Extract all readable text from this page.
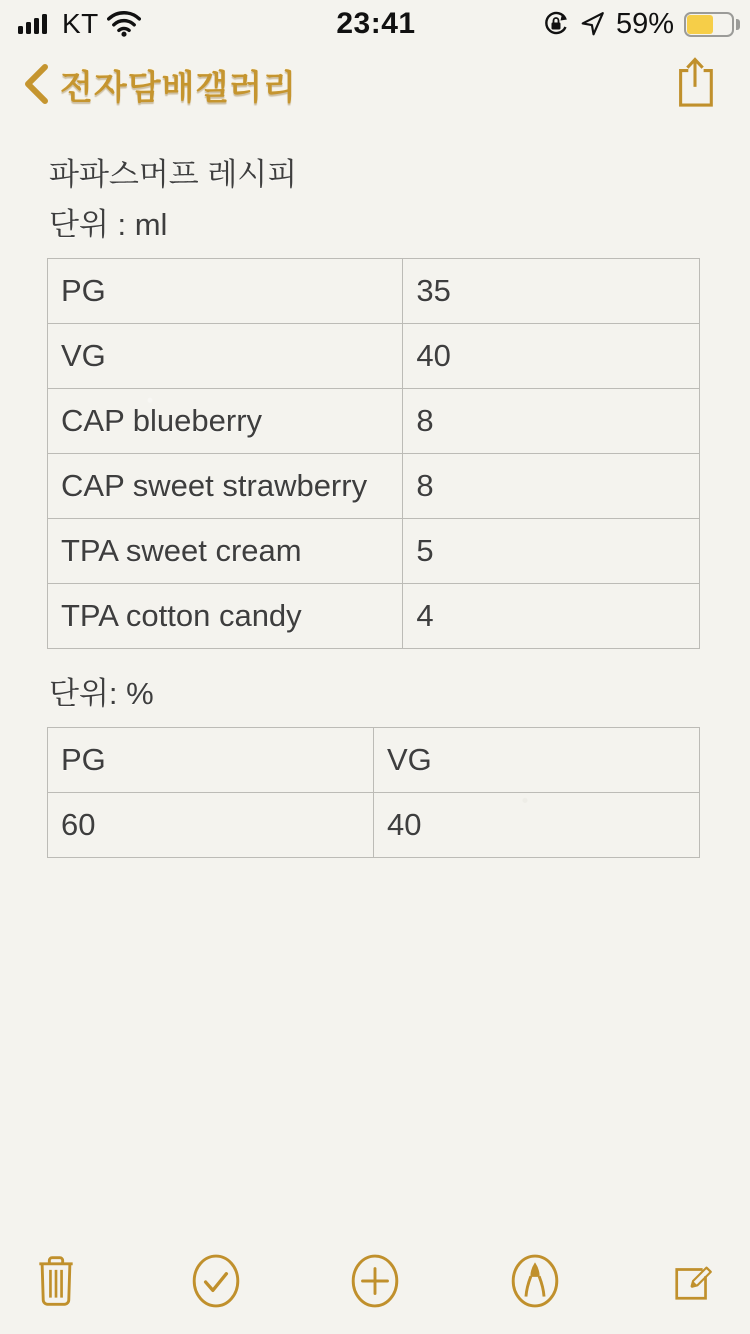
KT	23:41	59%
전자담배갤러리

파파스머프 레시피

단위 : ml

PG	35
VG	40
CAP blueberry	8
CAP sweet strawberry	8
TPA sweet cream	5
TPA cotton candy	4

단위: %

PG	VG
60	40
